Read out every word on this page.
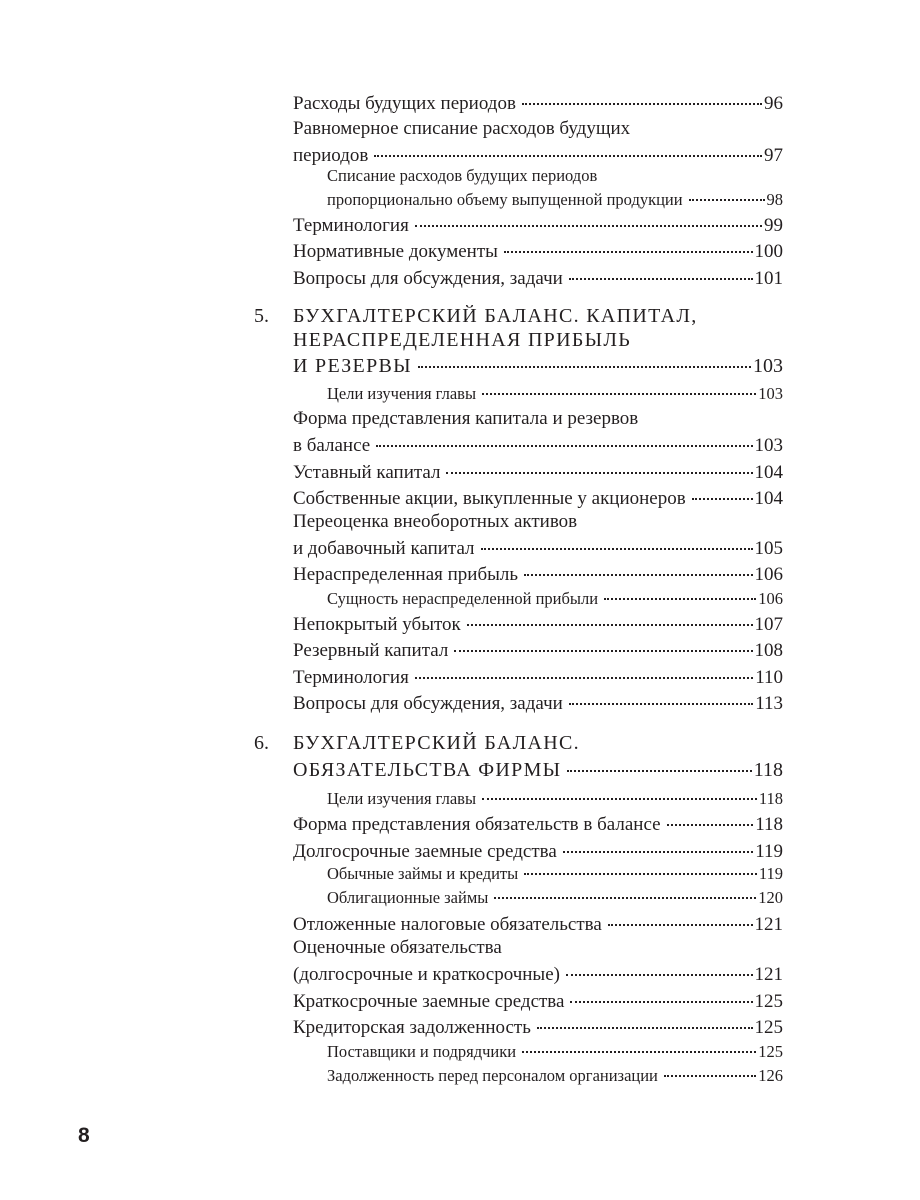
Расходы будущих периодов	96
Равномерное списание расходов будущих
периодов	97
Списание расходов будущих периодов
пропорционально объему выпущенной продукции	98
Терминология	99
Нормативные документы	100
Вопросы для обсуждения, задачи	101
5. БУХГАЛТЕРСКИЙ БАЛАНС. КАПИТАЛ,
НЕРАСПРЕДЕЛЕННАЯ ПРИБЫЛЬ
И РЕЗЕРВЫ	103
Цели изучения главы	103
Форма представления капитала и резервов
в балансе	103
Уставный капитал	104
Собственные акции, выкупленные у акционеров	104
Переоценка внеоборотных активов
и добавочный капитал	105
Нераспределенная прибыль	106
Сущность нераспределенной прибыли	106
Непокрытый убыток	107
Резервный капитал	108
Терминология	110
Вопросы для обсуждения, задачи	113
6. БУХГАЛТЕРСКИЙ БАЛАНС.
ОБЯЗАТЕЛЬСТВА ФИРМЫ	118
Цели изучения главы	118
Форма представления обязательств в балансе	118
Долгосрочные заемные средства	119
Обычные займы и кредиты	119
Облигационные займы	120
Отложенные налоговые обязательства	121
Оценочные обязательства
(долгосрочные и краткосрочные)	121
Краткосрочные заемные средства	125
Кредиторская задолженность	125
Поставщики и подрядчики	125
Задолженность перед персоналом организации	126
8
